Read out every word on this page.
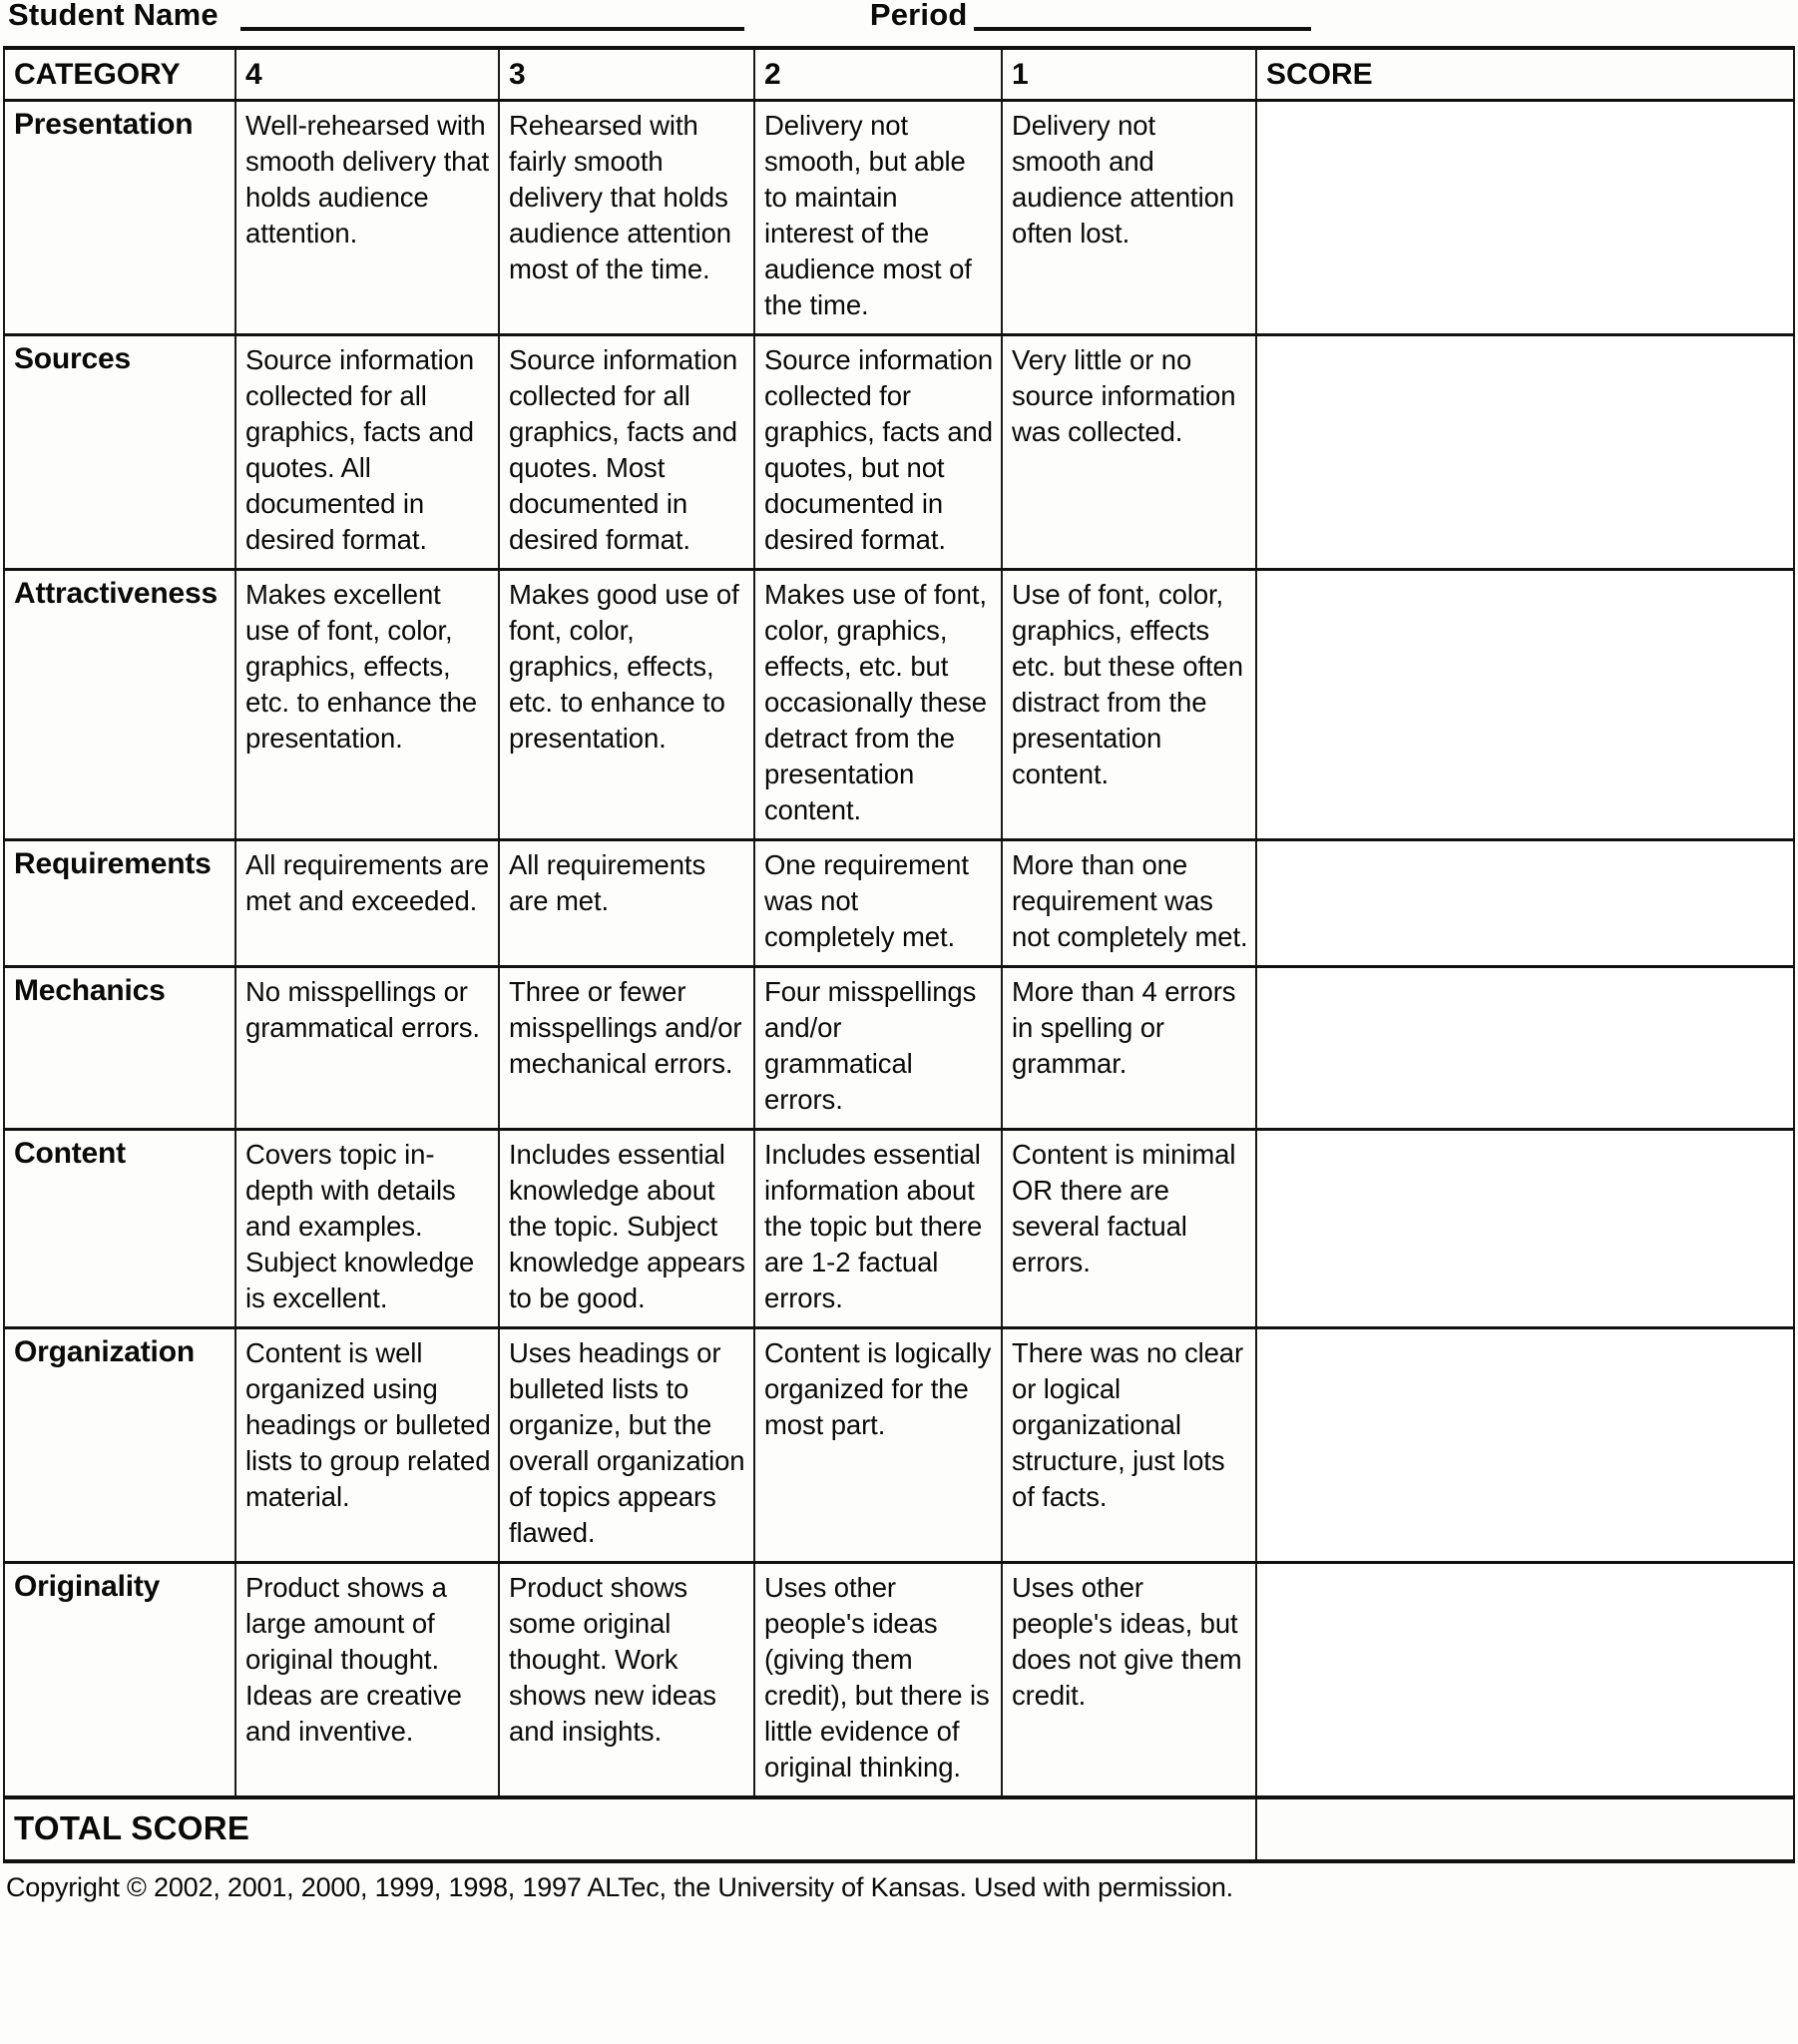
Student Name	Period
CATEGORY	4	3	2	1	SCORE
Presentation	Well-rehearsed with smooth delivery that holds audience attention.	Rehearsed with fairly smooth delivery that holds audience attention most of the time.	Delivery not smooth, but able to maintain interest of the audience most of the time.	Delivery not smooth and audience attention often lost.	
Sources	Source information collected for all graphics, facts and quotes. All documented in desired format.	Source information collected for all graphics, facts and quotes. Most documented in desired format.	Source information collected for graphics, facts and quotes, but not documented in desired format.	Very little or no source information was collected.	
Attractiveness	Makes excellent use of font, color, graphics, effects, etc. to enhance the presentation.	Makes good use of font, color, graphics, effects, etc. to enhance to presentation.	Makes use of font, color, graphics, effects, etc. but occasionally these detract from the presentation content.	Use of font, color, graphics, effects etc. but these often distract from the presentation content.	
Requirements	All requirements are met and exceeded.	All requirements are met.	One requirement was not completely met.	More than one requirement was not completely met.	
Mechanics	No misspellings or grammatical errors.	Three or fewer misspellings and/or mechanical errors.	Four misspellings and/or grammatical errors.	More than 4 errors in spelling or grammar.	
Content	Covers topic in-depth with details and examples. Subject knowledge is excellent.	Includes essential knowledge about the topic. Subject knowledge appears to be good.	Includes essential information about the topic but there are 1-2 factual errors.	Content is minimal OR there are several factual errors.	
Organization	Content is well organized using headings or bulleted lists to group related material.	Uses headings or bulleted lists to organize, but the overall organization of topics appears flawed.	Content is logically organized for the most part.	There was no clear or logical organizational structure, just lots of facts.	
Originality	Product shows a large amount of original thought. Ideas are creative and inventive.	Product shows some original thought. Work shows new ideas and insights.	Uses other people's ideas (giving them credit), but there is little evidence of original thinking.	Uses other people's ideas, but does not give them credit.	
TOTAL SCORE					
Copyright © 2002, 2001, 2000, 1999, 1998, 1997 ALTec, the University of Kansas. Used with permission.
